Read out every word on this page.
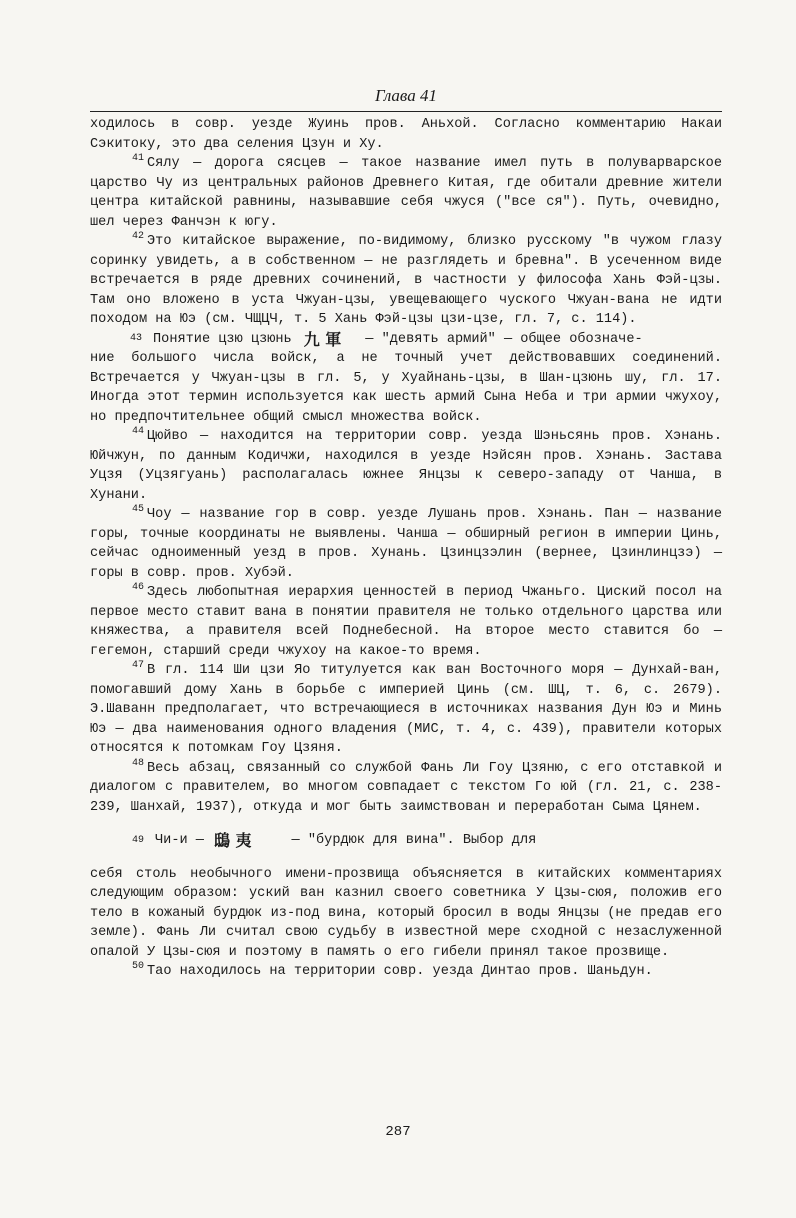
Глава 41

ходилось в совр. уезде Жуинь пров. Аньхой. Согласно комментарию Накаи Сэкитоку, это два селения Цзун и Ху.

$^{41}$ Сялу — дорога сясцев — такое название имел путь в полуварварское царство Чу из центральных районов Древнего Китая, где обитали древние жители центра китайской равнины, называвшие себя чжуся ("все ся"). Путь, очевидно, шел через Фанчэн к югу.

$^{42}$ Это китайское выражение, по-видимому, близко русскому "в чужом глазу соринку увидеть, а в собственном — не разглядеть и бревна". В усеченном виде встречается в ряде древних сочинений, в частности у философа Хань Фэй-цзы. Там оно вложено в уста Чжуан-цзы, увещевающего чуского Чжуан-вана не идти походом на Юэ (см. ЧЩЦЧ, т. 5 Хань Фэй-цзы цзи-цзе, гл. 7, с. 114).

43 Понятие цзю цзюнь 九 軍 — "девять армий" — общее обозначе-
ние большого числа войск, а не точный учет действовавших соединений. Встречается у Чжуан-цзы в гл. 5, у Хуайнань-цзы, в Шан-цзюнь шу, гл. 17. Иногда этот термин используется как шесть армий Сына Неба и три армии чжухоу, но предпочтительнее общий смысл множества войск.

$^{44}$ Цюйво — находится на территории совр. уезда Шэньсянь пров. Хэнань. Юйчжун, по данным Кодичжи, находился в уезде Нэйсян пров. Хэнань. Застава Уцзя (Уцзягуань) располагалась южнее Янцзы к северо-западу от Чанша, в Хунани.

$^{45}$ Чоу — название гор в совр. уезде Лушань пров. Хэнань. Пан — название горы, точные координаты не выявлены. Чанша — обширный регион в империи Цинь, сейчас одноименный уезд в пров. Хунань. Цзинцзэлин (вернее, Цзинлинцзэ) — горы в совр. пров. Хубэй.

$^{46}$ Здесь любопытная иерархия ценностей в период Чжаньго. Циский посол на первое место ставит вана в понятии правителя не только отдельного царства или княжества, а правителя всей Поднебесной. На второе место ставится бо — гегемон, старший среди чжухоу на какое-то время.

$^{47}$ В гл. 114 Ши цзи Яо титулуется как ван Восточного моря — Дунхай-ван, помогавший дому Хань в борьбе с империей Цинь (см. ШЦ, т. 6, с. 2679). Э.Шаванн предполагает, что встречающиеся в источниках названия Дун Юэ и Минь Юэ — два наименования одного владения (МИС, т. 4, с. 439), правители которых относятся к потомкам Гоу Цзяня.

$^{48}$ Весь абзац, связанный со службой Фань Ли Гоу Цзяню, с его отставкой и диалогом с правителем, во многом совпадает с текстом Го юй (гл. 21, с. 238-239, Шанхай, 1937), откуда и мог быть заимствован и переработан Сыма Цянем.

49 Чи-и — 鴟 夷	— "бурдюк для вина". Выбор для
себя столь необычного имени-прозвища объясняется в китайских комментариях следующим образом: уский ван казнил своего советника У Цзы-сюя, положив его тело в кожаный бурдюк из-под вина, который бросил в воды Янцзы (не предав его земле). Фань Ли считал свою судьбу в известной мере сходной с незаслуженной опалой У Цзы-сюя и поэтому в память о его гибели принял такое прозвище.

$^{50}$ Тао находилось на территории совр. уезда Динтао пров. Шаньдун.

287
